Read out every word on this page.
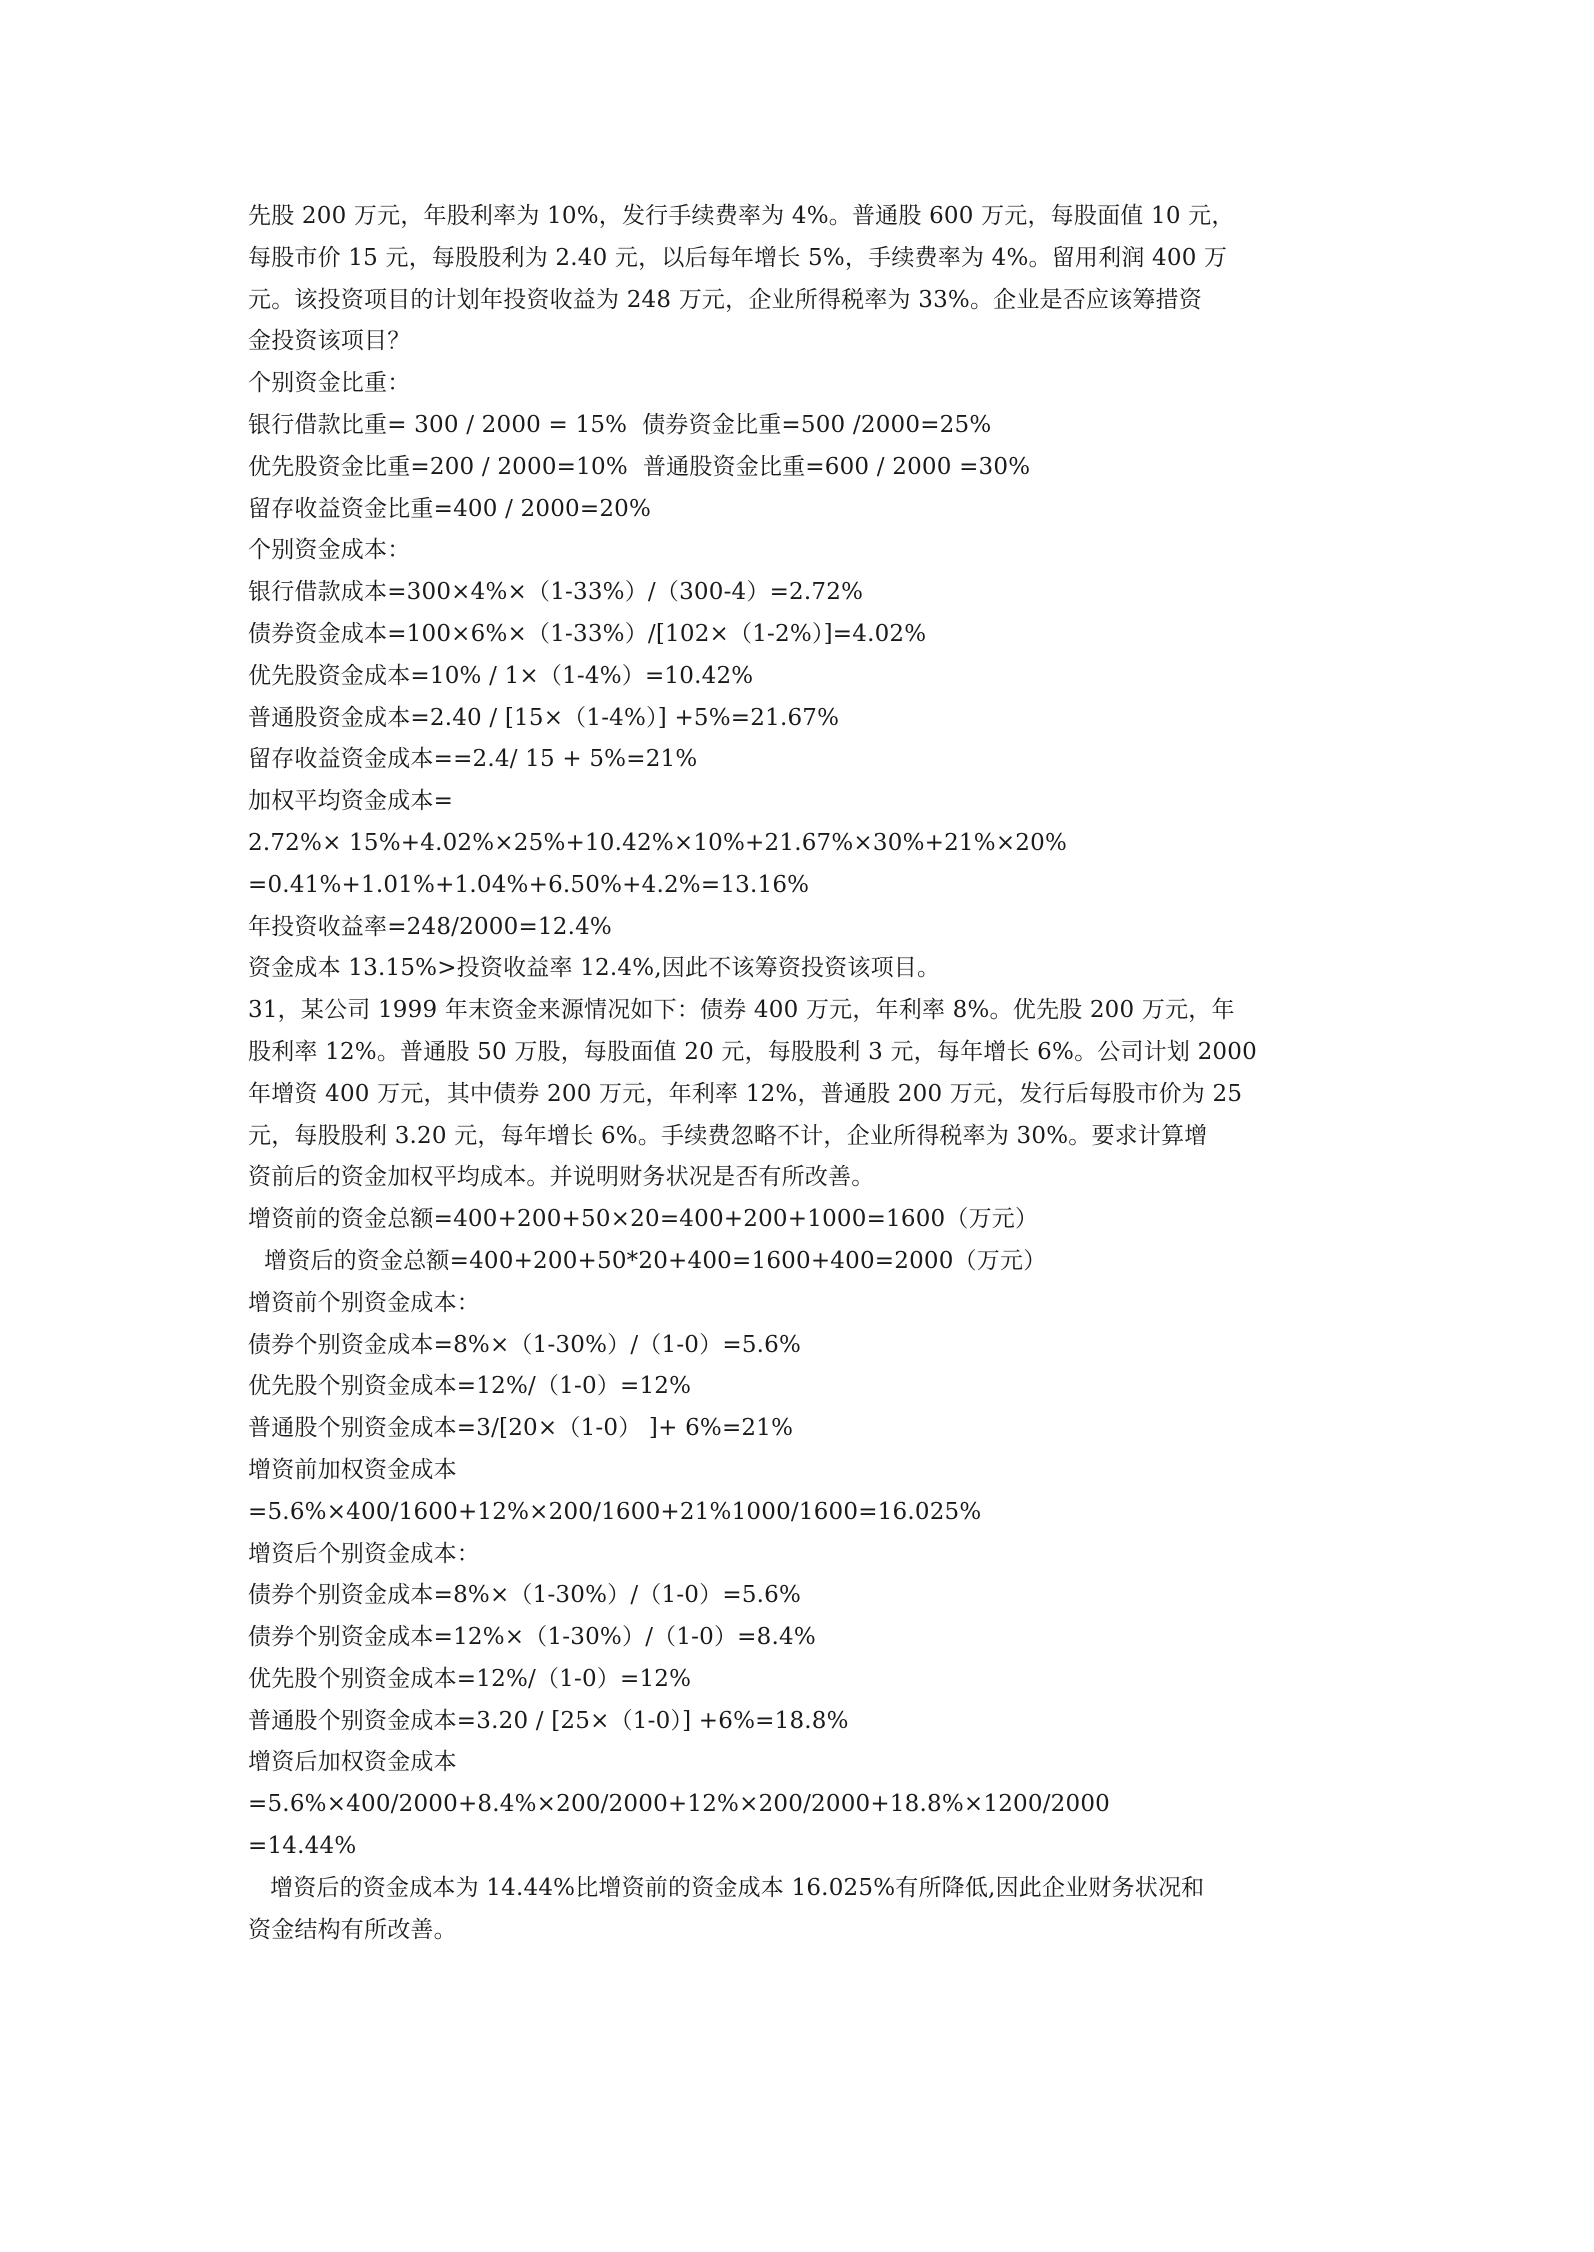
先股 200 万元，年股利率为 10%，发行手续费率为 4%。普通股 600 万元，每股面值 10 元，
每股市价 15 元，每股股利为 2.40 元，以后每年增长 5%，手续费率为 4%。留用利润 400 万
元。该投资项目的计划年投资收益为 248 万元，企业所得税率为 33%。企业是否应该筹措资
金投资该项目？
个别资金比重：
银行借款比重= 300 / 2000 = 15%  债券资金比重=500 /2000=25%
优先股资金比重=200 / 2000=10%  普通股资金比重=600 / 2000 =30%
留存收益资金比重=400 / 2000=20%
个别资金成本：
银行借款成本=300×4%×（1-33%）/（300-4）=2.72%
债券资金成本=100×6%×（1-33%）/[102×（1-2%）]=4.02%
优先股资金成本=10% / 1×（1-4%）=10.42%
普通股资金成本=2.40 / [15×（1-4%）] +5%=21.67%
留存收益资金成本==2.4/ 15 + 5%=21%
加权平均资金成本=
2.72%× 15%+4.02%×25%+10.42%×10%+21.67%×30%+21%×20%
=0.41%+1.01%+1.04%+6.50%+4.2%=13.16%
年投资收益率=248/2000=12.4%
资金成本 13.15%>投资收益率 12.4%,因此不该筹资投资该项目。
31，某公司 1999 年末资金来源情况如下：债券 400 万元，年利率 8%。优先股 200 万元，年
股利率 12%。普通股 50 万股，每股面值 20 元，每股股利 3 元，每年增长 6%。公司计划 2000
年增资 400 万元，其中债券 200 万元，年利率 12%，普通股 200 万元，发行后每股市价为 25
元，每股股利 3.20 元，每年增长 6%。手续费忽略不计，企业所得税率为 30%。要求计算增
资前后的资金加权平均成本。并说明财务状况是否有所改善。
增资前的资金总额=400+200+50×20=400+200+1000=1600（万元）
增资后的资金总额=400+200+50*20+400=1600+400=2000（万元）
增资前个别资金成本：
债券个别资金成本=8%×（1-30%）/（1-0）=5.6%
优先股个别资金成本=12%/（1-0）=12%
普通股个别资金成本=3/[20×（1-0） ]+ 6%=21%
增资前加权资金成本
=5.6%×400/1600+12%×200/1600+21%1000/1600=16.025%
增资后个别资金成本：
债券个别资金成本=8%×（1-30%）/（1-0）=5.6%
债券个别资金成本=12%×（1-30%）/（1-0）=8.4%
优先股个别资金成本=12%/（1-0）=12%
普通股个别资金成本=3.20 / [25×（1-0）] +6%=18.8%
增资后加权资金成本
=5.6%×400/2000+8.4%×200/2000+12%×200/2000+18.8%×1200/2000
=14.44%
增资后的资金成本为 14.44%比增资前的资金成本 16.025%有所降低,因此企业财务状况和
资金结构有所改善。
